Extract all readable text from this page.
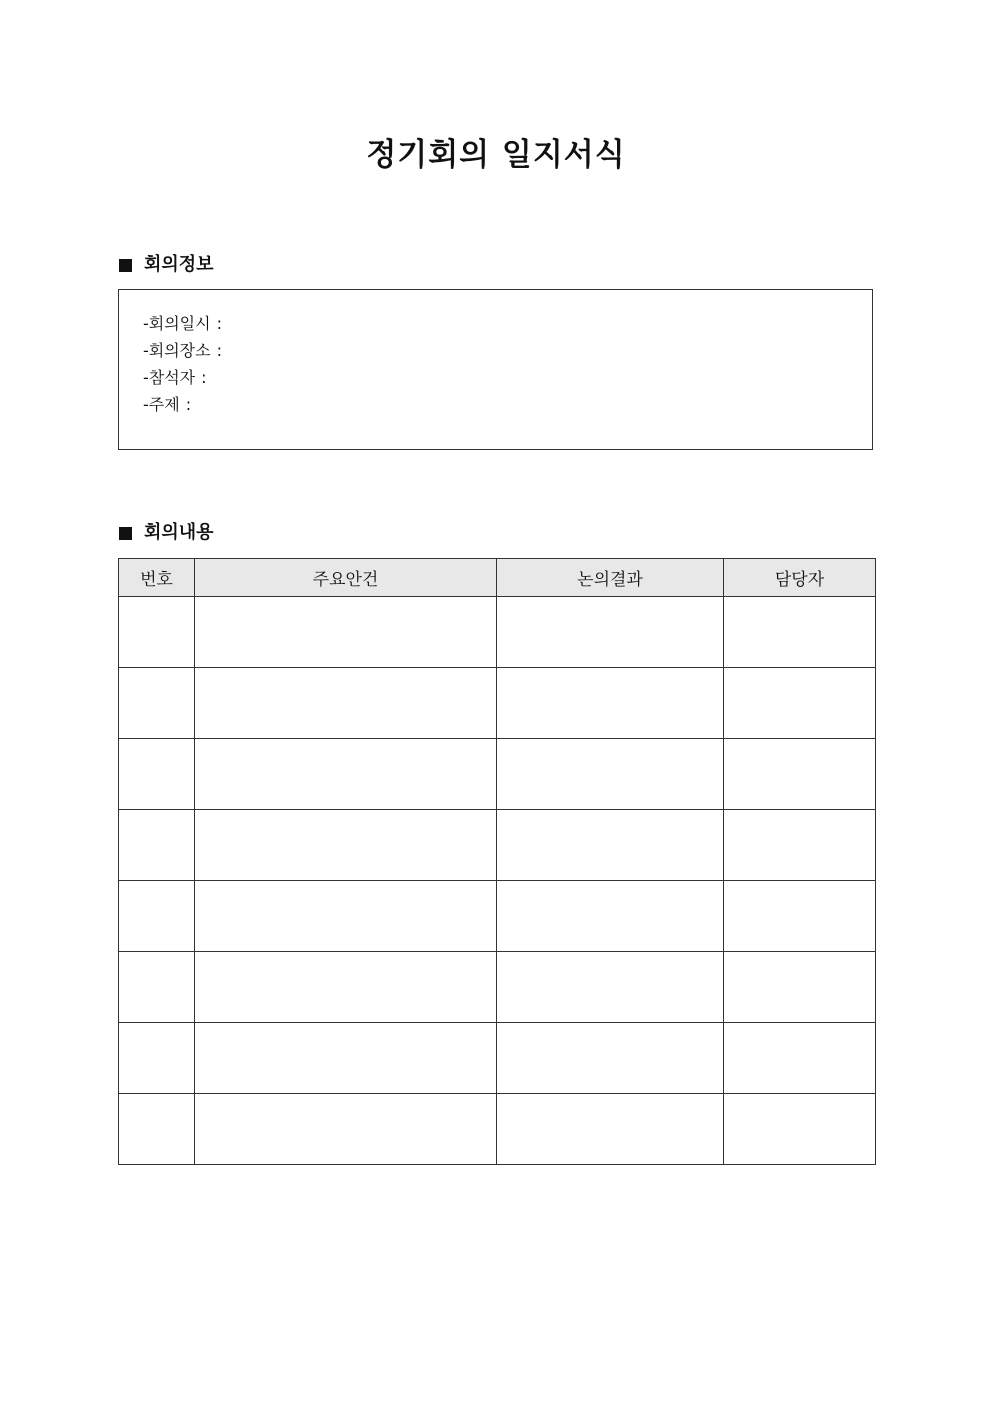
정기회의 일지서식
회의정보
-회의일시 :
-회의장소 :
-참석자 :
-주제 :
회의내용
번호	주요안건	논의결과	담당자
